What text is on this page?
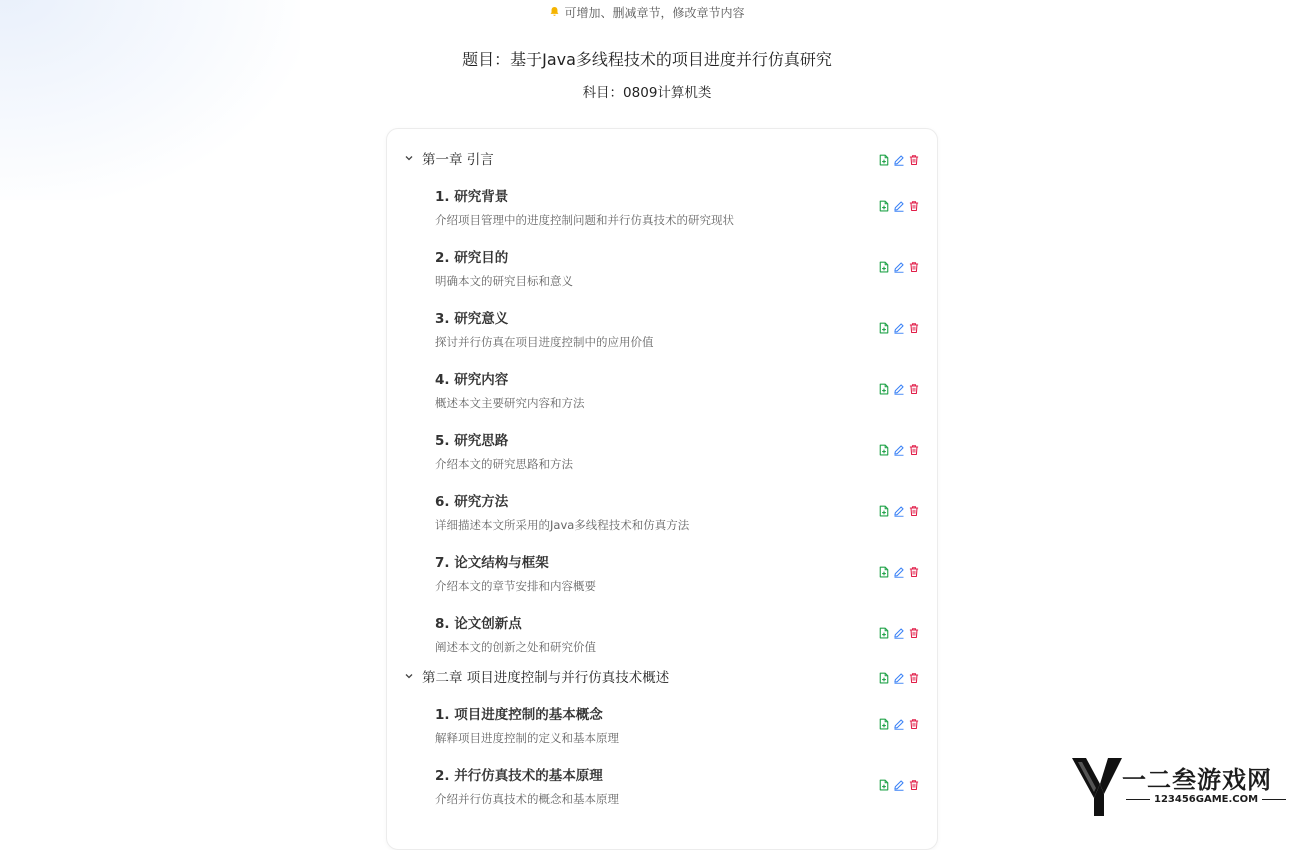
可增加、删减章节，修改章节内容
题目：基于Java多线程技术的项目进度并行仿真研究
科目：0809计算机类
第一章 引言
1. 研究背景
介绍项目管理中的进度控制问题和并行仿真技术的研究现状
2. 研究目的
明确本文的研究目标和意义
3. 研究意义
探讨并行仿真在项目进度控制中的应用价值
4. 研究内容
概述本文主要研究内容和方法
5. 研究思路
介绍本文的研究思路和方法
6. 研究方法
详细描述本文所采用的Java多线程技术和仿真方法
7. 论文结构与框架
介绍本文的章节安排和内容概要
8. 论文创新点
阐述本文的创新之处和研究价值
第二章 项目进度控制与并行仿真技术概述
1. 项目进度控制的基本概念
解释项目进度控制的定义和基本原理
2. 并行仿真技术的基本原理
介绍并行仿真技术的概念和基本原理
一二叁游戏网
123456GAME.COM
